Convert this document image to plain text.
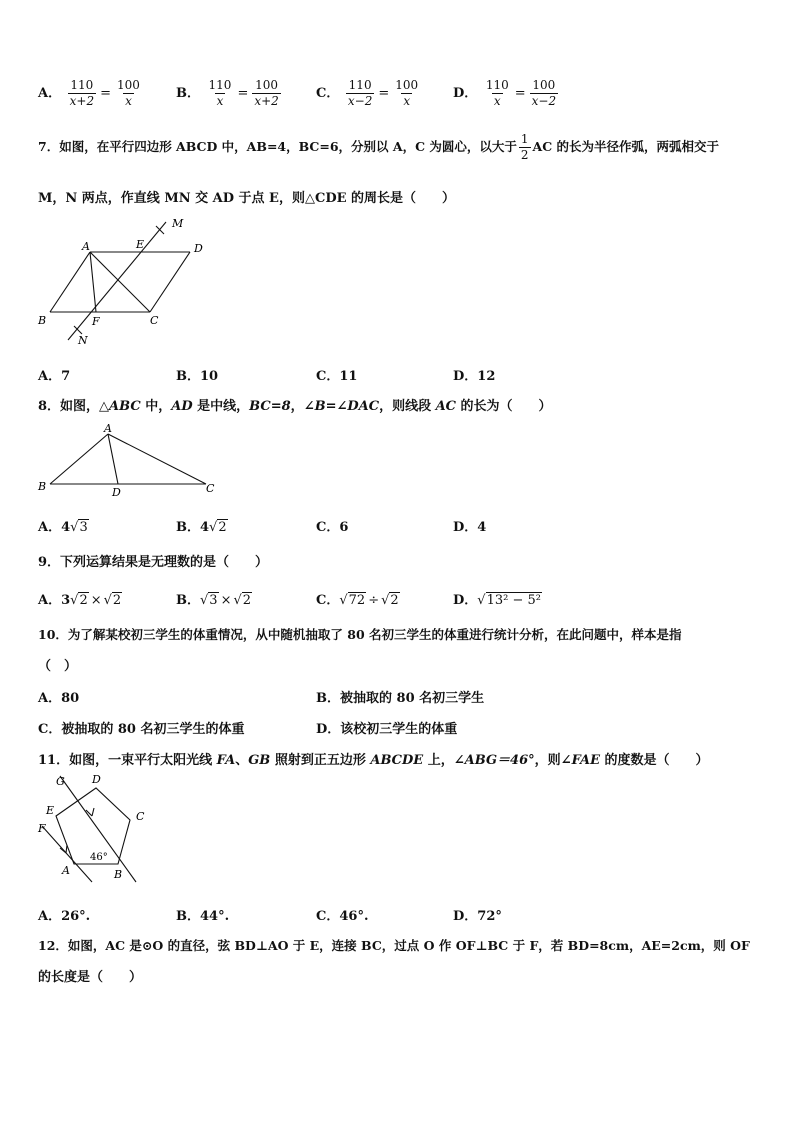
A． $\frac{110}{x+2} = \frac{100}{x}$	B． $\frac{110}{x} = \frac{100}{x+2}$	C． $\frac{110}{x-2} = \frac{100}{x}$	D． $\frac{110}{x} = \frac{100}{x-2}$
7．如图，在平行四边形 ABCD 中，AB=4，BC=6，分别以 A，C 为圆心，以大于 $\frac{1}{2}$ AC 的长为半径作弧，两弧相交于
M，N 两点，作直线 MN 交 AD 于点 E，则△CDE 的周长是（　　）
A	E
M
D
B	F	C
N
A．7	B．10	C．11	D．12
8．如图，△ABC 中，AD 是中线，BC=8，∠B=∠DAC，则线段 AC 的长为（　　）
A
B	D	C
A．4√3	B．4√2	C．6	D．4
9．下列运算结果是无理数的是（　　）
A．3√2 × √2	B．√3 × √2	C．√72 ÷ √2	D．√13² − 5²
10．为了解某校初三学生的体重情况，从中随机抽取了 80 名初三学生的体重进行统计分析，在此问题中，样本是指
（　）
A．80	B．被抽取的 80 名初三学生
C．被抽取的 80 名初三学生的体重	D．该校初三学生的体重
11．如图，一束平行太阳光线 FA、GB 照射到正五边形 ABCDE 上，∠ABG＝46°，则∠FAE 的度数是（　　）
G D
E	C
F
A	B
46°
A．26°.	B．44°.	C．46°.	D．72°
12．如图，AC 是⊙O 的直径，弦 BD⊥AO 于 E，连接 BC，过点 O 作 OF⊥BC 于 F，若 BD=8cm，AE=2cm，则 OF
的长度是（　　）
